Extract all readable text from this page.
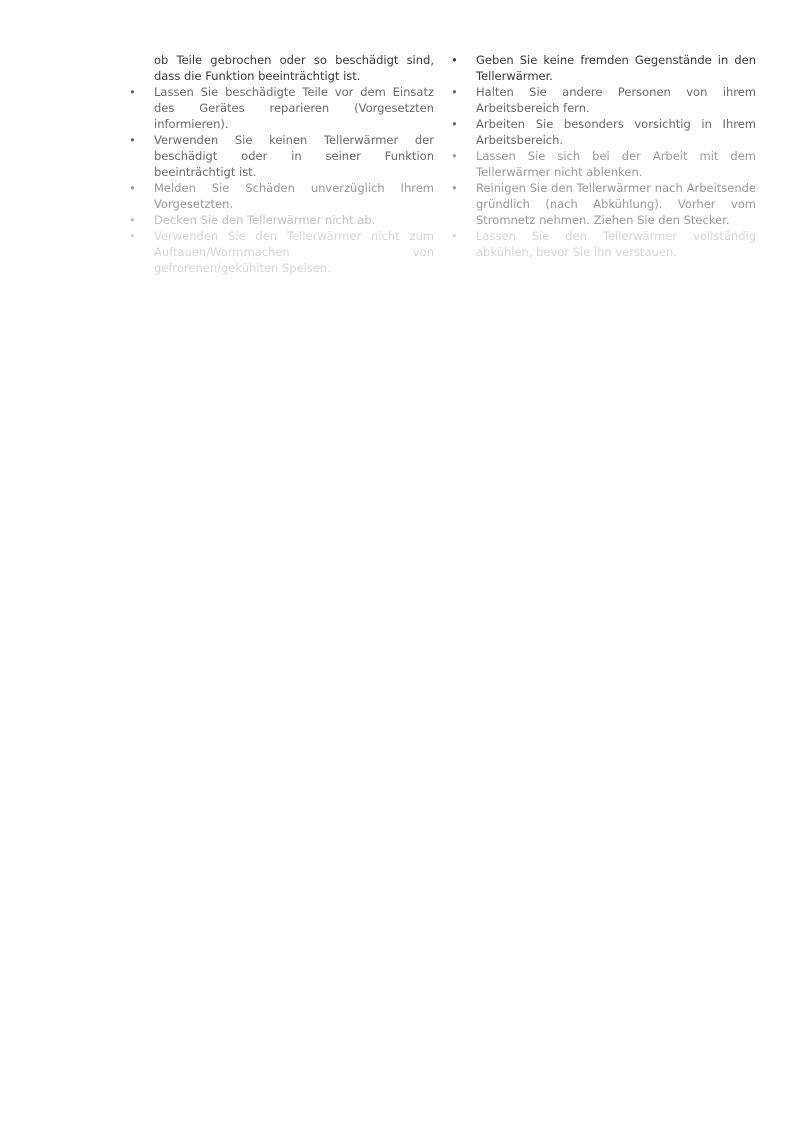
ob Teile gebrochen oder so beschädigt sind, dass die Funktion beeinträchtigt ist.
• Lassen Sie beschädigte Teile vor dem Einsatz des Gerätes reparieren (Vorgesetzten informieren).
• Verwenden Sie keinen Tellerwärmer der beschädigt oder in seiner Funktion beeinträchtigt ist.
• Melden Sie Schäden unverzüglich Ihrem Vorgesetzten.
• Decken Sie den Tellerwärmer nicht ab.
• Verwenden Sie den Tellerwärmer nicht zum Auftauen/Warmmachen von gefrorenen/gekühlten Speisen.
• Geben Sie keine fremden Gegenstände in den Tellerwärmer.
• Halten Sie andere Personen von ihrem Arbeitsbereich fern.
• Arbeiten Sie besonders vorsichtig in Ihrem Arbeitsbereich.
• Lassen Sie sich bei der Arbeit mit dem Tellerwärmer nicht ablenken.
• Reinigen Sie den Tellerwärmer nach Arbeitsende gründlich (nach Abkühlung). Vorher vom Stromnetz nehmen. Ziehen Sie den Stecker.
• Lassen Sie den Tellerwärmer vollständig abkühlen, bevor Sie ihn verstauen.
